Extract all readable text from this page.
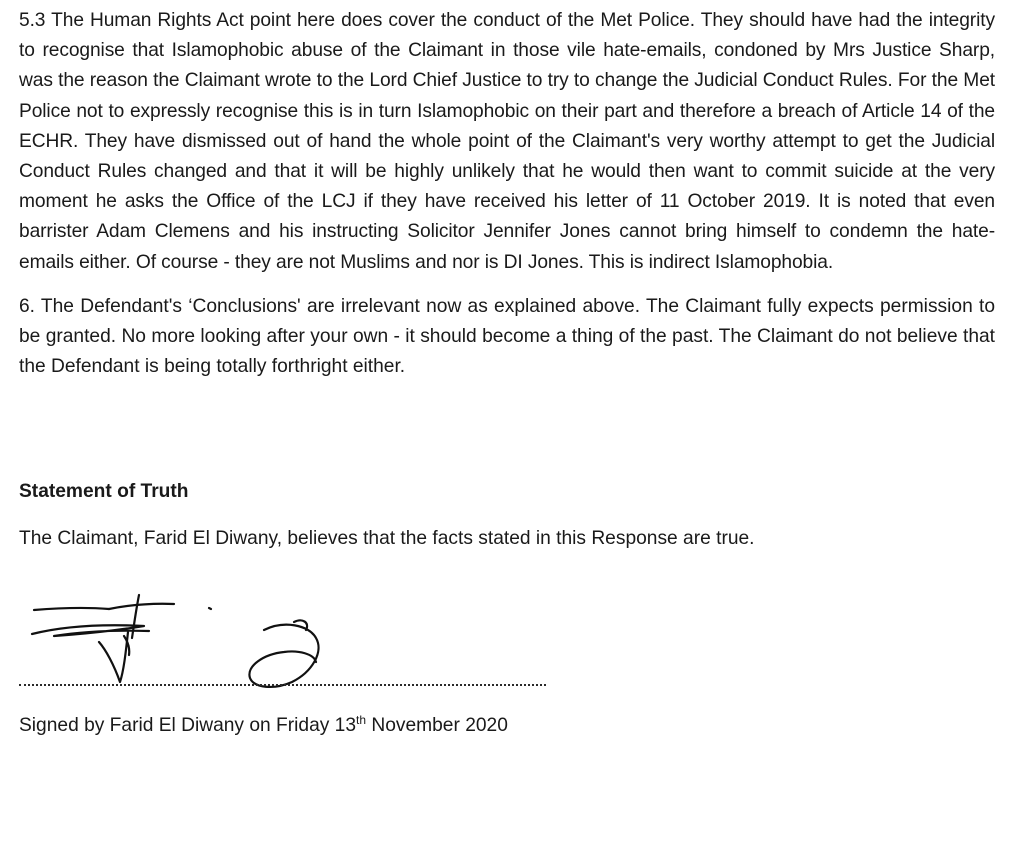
5.3 The Human Rights Act point here does cover the conduct of the Met Police. They should have had the integrity to recognise that Islamophobic abuse of the Claimant in those vile hate-emails, condoned by Mrs Justice Sharp, was the reason the Claimant wrote to the Lord Chief Justice to try to change the Judicial Conduct Rules. For the Met Police not to expressly recognise this is in turn Islamophobic on their part and therefore a breach of Article 14 of the ECHR. They have dismissed out of hand the whole point of the Claimant's very worthy attempt to get the Judicial Conduct Rules changed and that it will be highly unlikely that he would then want to commit suicide at the very moment he asks the Office of the LCJ if they have received his letter of 11 October 2019. It is noted that even barrister Adam Clemens and his instructing Solicitor Jennifer Jones cannot bring himself to condemn the hate-emails either. Of course - they are not Muslims and nor is DI Jones. This is indirect Islamophobia.

6. The Defendant's ‘Conclusions' are irrelevant now as explained above. The Claimant fully expects permission to be granted. No more looking after your own - it should become a thing of the past. The Claimant do not believe that the Defendant is being totally forthright either.

Statement of Truth

The Claimant, Farid El Diwany, believes that the facts stated in this Response are true.

Signed by Farid El Diwany on Friday 13th November 2020
